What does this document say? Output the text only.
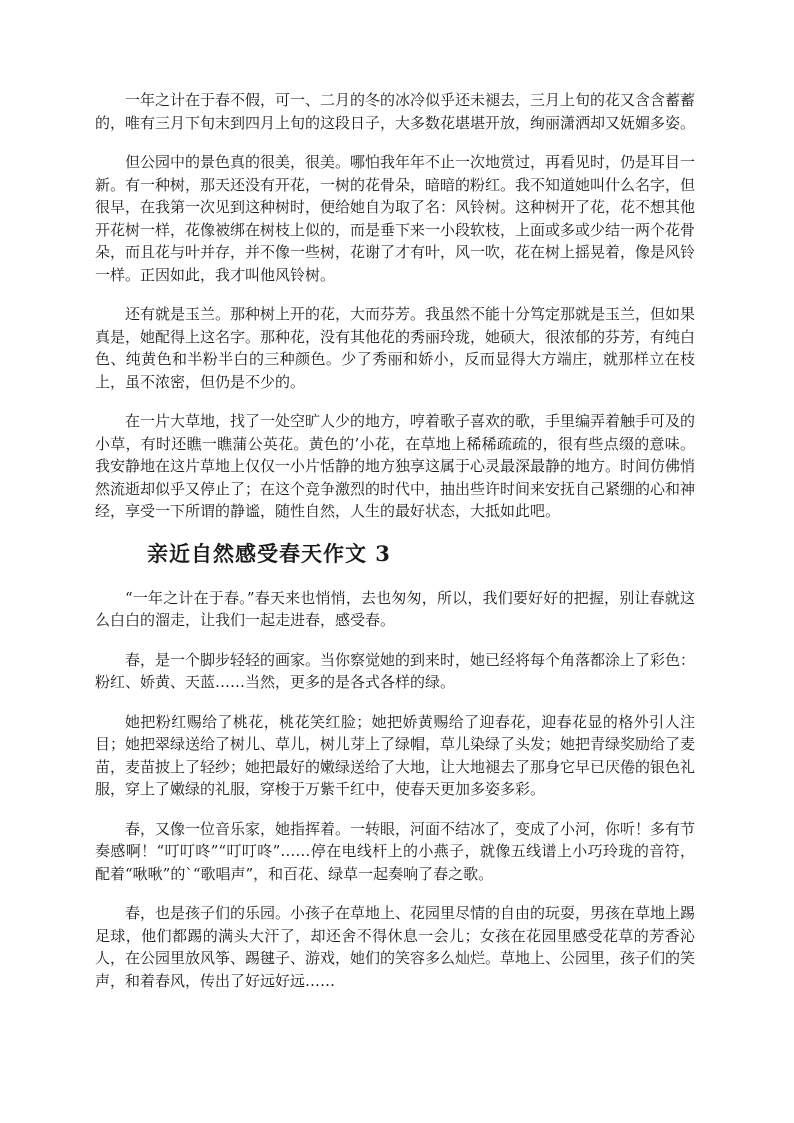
一年之计在于春不假，可一、二月的冬的冰冷似乎还未褪去，三月上旬的花又含含蓄蓄的，唯有三月下旬末到四月上旬的这段日子，大多数花堪堪开放，绚丽潇洒却又妩媚多姿。

但公园中的景色真的很美，很美。哪怕我年年不止一次地赏过，再看见时，仍是耳目一新。有一种树，那天还没有开花，一树的花骨朵，暗暗的粉红。我不知道她叫什么名字，但很早，在我第一次见到这种树时，便给她自为取了名：风铃树。这种树开了花，花不想其他开花树一样，花像被绑在树枝上似的，而是垂下来一小段软枝，上面或多或少结一两个花骨朵，而且花与叶并存，并不像一些树，花谢了才有叶，风一吹，花在树上摇晃着，像是风铃一样。正因如此，我才叫他风铃树。

还有就是玉兰。那种树上开的花，大而芬芳。我虽然不能十分笃定那就是玉兰，但如果真是，她配得上这名字。那种花，没有其他花的秀丽玲珑，她硕大，很浓郁的芬芳，有纯白色、纯黄色和半粉半白的三种颜色。少了秀丽和娇小，反而显得大方端庄，就那样立在枝上，虽不浓密，但仍是不少的。

在一片大草地，找了一处空旷人少的地方，哼着歌子喜欢的歌，手里编弄着触手可及的小草，有时还瞧一瞧蒲公英花。黄色的’小花，在草地上稀稀疏疏的，很有些点缀的意味。我安静地在这片草地上仅仅一小片恬静的地方独享这属于心灵最深最静的地方。时间仿佛悄然流逝却似乎又停止了；在这个竞争激烈的时代中，抽出些许时间来安抚自己紧绷的心和神经，享受一下所谓的静谧，随性自然，人生的最好状态，大抵如此吧。

亲近自然感受春天作文 3

“一年之计在于春。”春天来也悄悄，去也匆匆，所以，我们要好好的把握，别让春就这么白白的溜走，让我们一起走进春，感受春。

春，是一个脚步轻轻的画家。当你察觉她的到来时，她已经将每个角落都涂上了彩色：粉红、娇黄、天蓝……当然，更多的是各式各样的绿。

她把粉红赐给了桃花，桃花笑红脸；她把娇黄赐给了迎春花，迎春花显的格外引人注目；她把翠绿送给了树儿、草儿，树儿芽上了绿帽，草儿染绿了头发；她把青绿奖励给了麦苗，麦苗披上了轻纱；她把最好的嫩绿送给了大地，让大地褪去了那身它早已厌倦的银色礼服，穿上了嫩绿的礼服，穿梭于万紫千红中，使春天更加多姿多彩。

春，又像一位音乐家，她指挥着。一转眼，河面不结冰了，变成了小河，你听！多有节奏感啊！“叮叮咚”“叮叮咚”……停在电线杆上的小燕子，就像五线谱上小巧玲珑的音符，配着“啾啾”的`“歌唱声”，和百花、绿草一起奏响了春之歌。

春，也是孩子们的乐园。小孩子在草地上、花园里尽情的自由的玩耍，男孩在草地上踢足球，他们都踢的满头大汗了，却还舍不得休息一会儿；女孩在花园里感受花草的芳香沁人，在公园里放风筝、踢毽子、游戏，她们的笑容多么灿烂。草地上、公园里，孩子们的笑声，和着春风，传出了好远好远……
